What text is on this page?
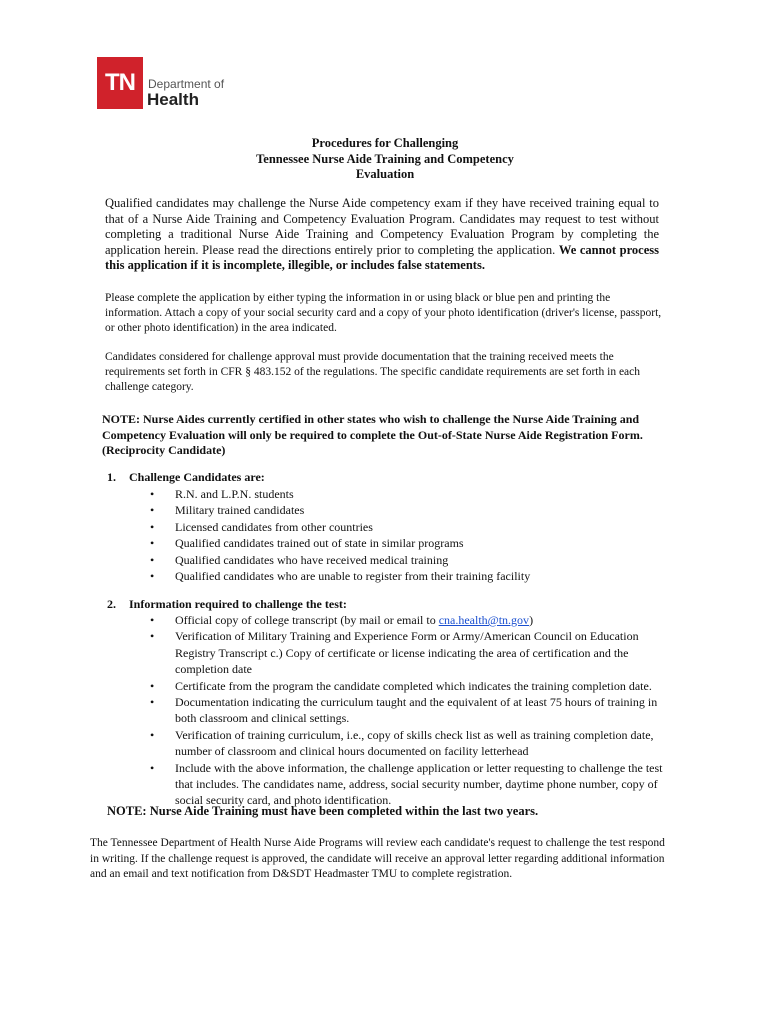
TN	Department of
Health
Procedures for Challenging
Tennessee Nurse Aide Training and Competency
Evaluation
Qualified candidates may challenge the Nurse Aide competency exam if they have received training equal to that of a Nurse Aide Training and Competency Evaluation Program. Candidates may request to test without completing a traditional Nurse Aide Training and Competency Evaluation Program by completing the application herein. Please read the directions entirely prior to completing the application. We cannot process this application if it is incomplete, illegible, or includes false statements.
Please complete the application by either typing the information in or using black or blue pen and printing the information. Attach a copy of your social security card and a copy of your photo identification (driver's license, passport, or other photo identification) in the area indicated.
Candidates considered for challenge approval must provide documentation that the training received meets the requirements set forth in CFR § 483.152 of the regulations. The specific candidate requirements are set forth in each challenge category.
NOTE: Nurse Aides currently certified in other states who wish to challenge the Nurse Aide Training and Competency Evaluation will only be required to complete the Out-of-State Nurse Aide Registration Form. (Reciprocity Candidate)
1. Challenge Candidates are:
• R.N. and L.P.N. students
• Military trained candidates
• Licensed candidates from other countries
• Qualified candidates trained out of state in similar programs
• Qualified candidates who have received medical training
• Qualified candidates who are unable to register from their training facility
2. Information required to challenge the test:
• Official copy of college transcript (by mail or email to cna.health@tn.gov)
• Verification of Military Training and Experience Form or Army/American Council on Education Registry Transcript c.) Copy of certificate or license indicating the area of certification and the completion date
• Certificate from the program the candidate completed which indicates the training completion date.
• Documentation indicating the curriculum taught and the equivalent of at least 75 hours of training in both classroom and clinical settings.
• Verification of training curriculum, i.e., copy of skills check list as well as training completion date, number of classroom and clinical hours documented on facility letterhead
• Include with the above information, the challenge application or letter requesting to challenge the test that includes. The candidates name, address, social security number, daytime phone number, copy of social security card, and photo identification.
NOTE: Nurse Aide Training must have been completed within the last two years.
The Tennessee Department of Health Nurse Aide Programs will review each candidate's request to challenge the test respond in writing. If the challenge request is approved, the candidate will receive an approval letter regarding additional information and an email and text notification from D&SDT Headmaster TMU to complete registration.
